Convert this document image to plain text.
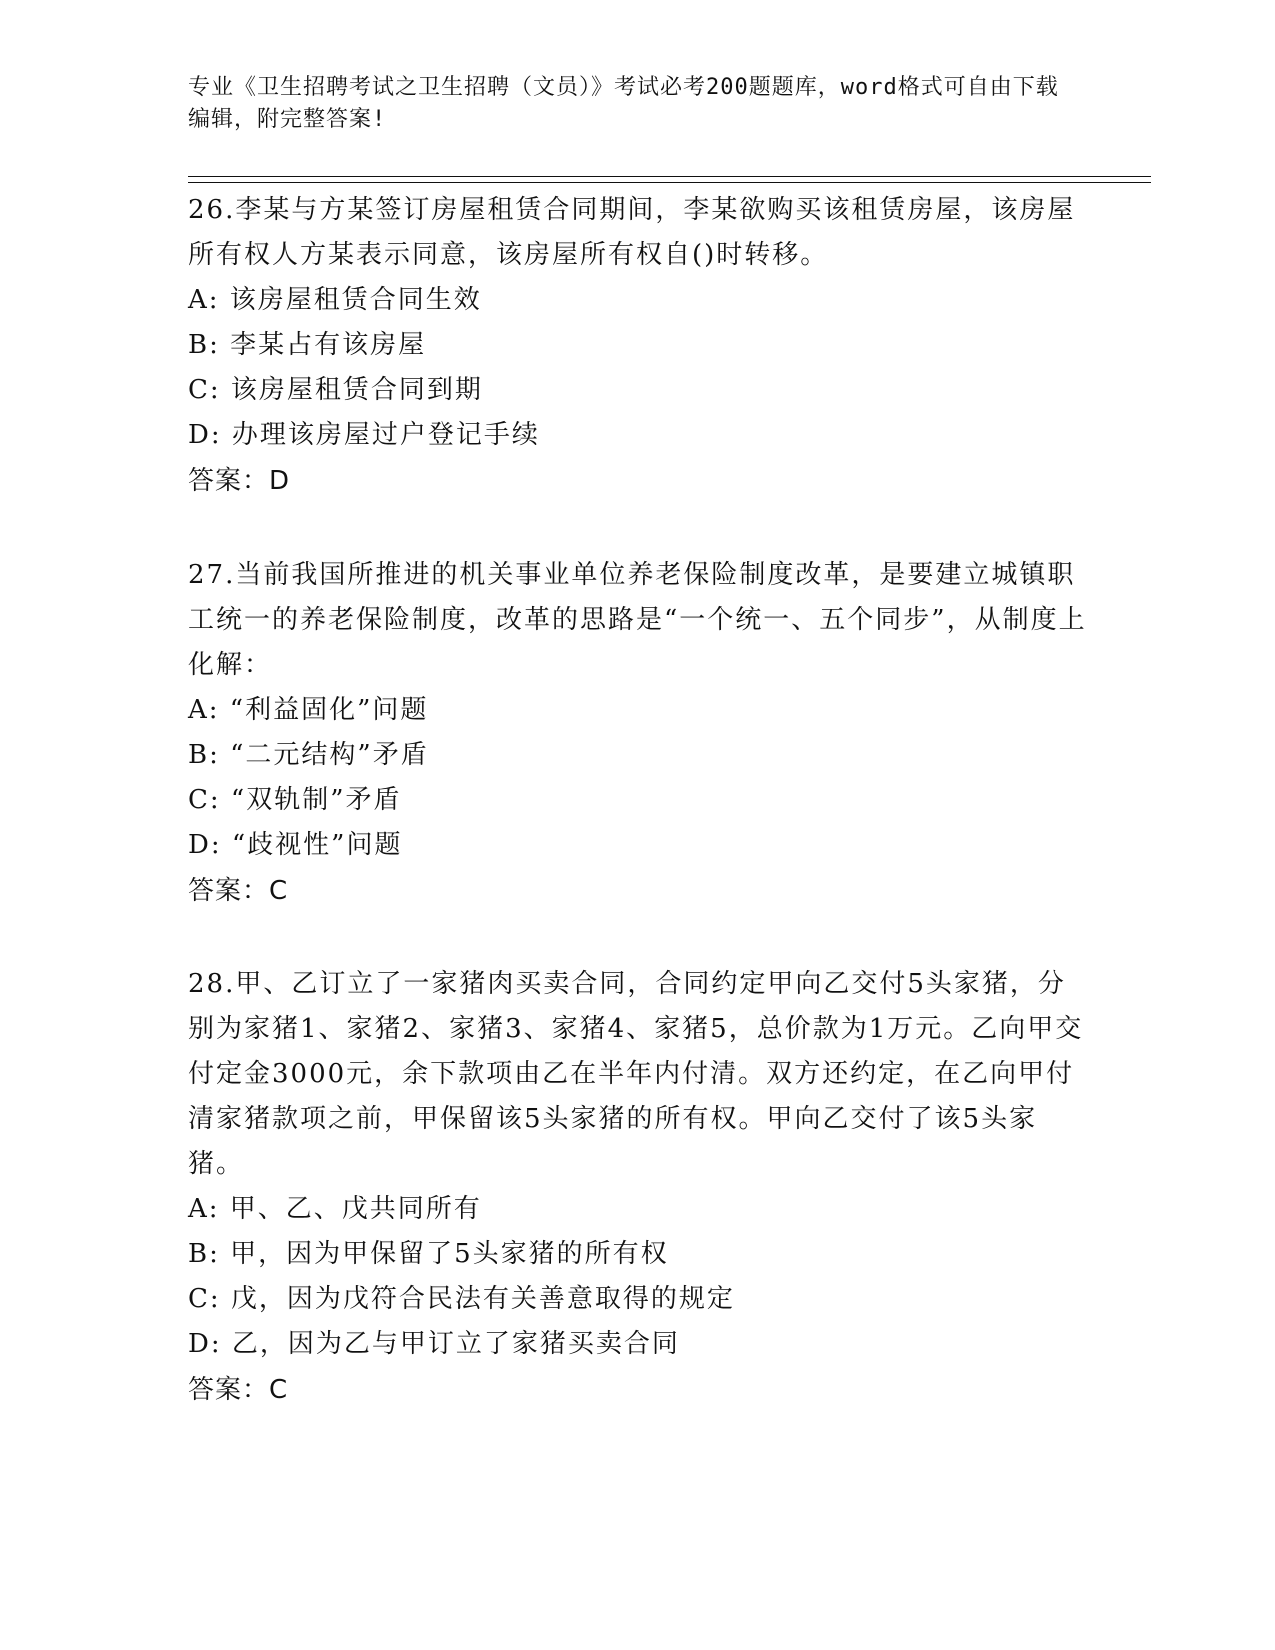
专业《卫生招聘考试之卫生招聘（文员）》考试必考200题题库，word格式可自由下载编辑，附完整答案!
26.李某与方某签订房屋租赁合同期间，李某欲购买该租赁房屋，该房屋所有权人方某表示同意，该房屋所有权自()时转移。
A: 该房屋租赁合同生效
B: 李某占有该房屋
C: 该房屋租赁合同到期
D: 办理该房屋过户登记手续
答案：D
27.当前我国所推进的机关事业单位养老保险制度改革，是要建立城镇职工统一的养老保险制度，改革的思路是“一个统一、五个同步”，从制度上化解：
A: “利益固化”问题
B: “二元结构”矛盾
C: “双轨制”矛盾
D: “歧视性”问题
答案：C
28.甲、乙订立了一家猪肉买卖合同，合同约定甲向乙交付5头家猪，分别为家猪1、家猪2、家猪3、家猪4、家猪5，总价款为1万元。乙向甲交付定金3000元，余下款项由乙在半年内付清。双方还约定，在乙向甲付清家猪款项之前，甲保留该5头家猪的所有权。甲向乙交付了该5头家猪。
A: 甲、乙、戊共同所有
B: 甲，因为甲保留了5头家猪的所有权
C: 戊，因为戊符合民法有关善意取得的规定
D: 乙，因为乙与甲订立了家猪买卖合同
答案：C
